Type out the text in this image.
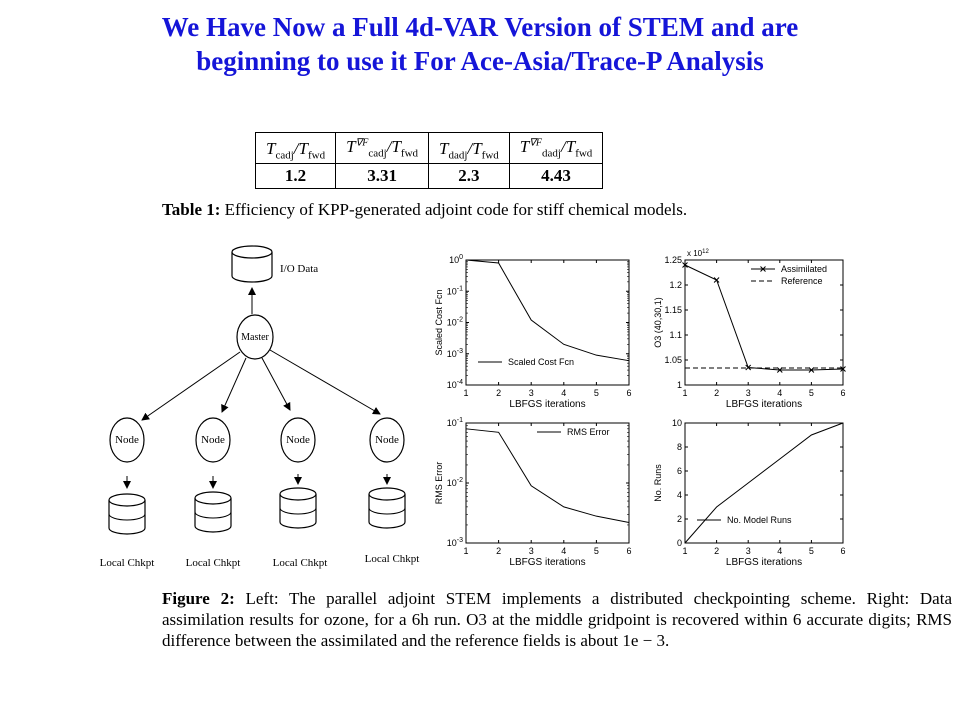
We Have Now a Full 4d-VAR Version of STEM and are
beginning to use it For Ace-Asia/Trace-P Analysis
$T_{cadj}/T_{fwd}$	$T^{\nabla F}_{cadj}/T_{fwd}$	$T_{dadj}/T_{fwd}$	$T^{\nabla F}_{dadj}/T_{fwd}$
1.2	3.31	2.3	4.43
Table 1: Efficiency of KPP-generated adjoint code for stiff chemical models.
I/O Data
Master
Node	Node	Node	Node
Local Chkpt	Local Chkpt	Local Chkpt	Local Chkpt
1	2	3	4	5	6
$10^{-4}$
$10^{-3}$
$10^{-2}$
$10^{-1}$
$10^0$
LBFGS iterations
Scaled Cost Fcn
Scaled Cost Fcn
1	2	3	4	5	6
1
1.05
1.1
1.15
1.2
1.25
x $10^{12}$
LBFGS iterations
O3 (40,30,1)
Assimilated
Reference
1	2	3	4	5	6
$10^{-3}$
$10^{-2}$
$10^{-1}$
LBFGS iterations
RMS Error
RMS Error
1	2	3	4	5	6
0
2
4
6
8
10
LBFGS iterations
No. Runs
No. Model Runs
Figure 2: Left: The parallel adjoint STEM implements a distributed checkpointing scheme. Right: Data assimilation results for ozone, for a 6h run. O3 at the middle gridpoint is recovered within 6 accurate digits; RMS difference between the assimilated and the reference fields is about 1e − 3.
